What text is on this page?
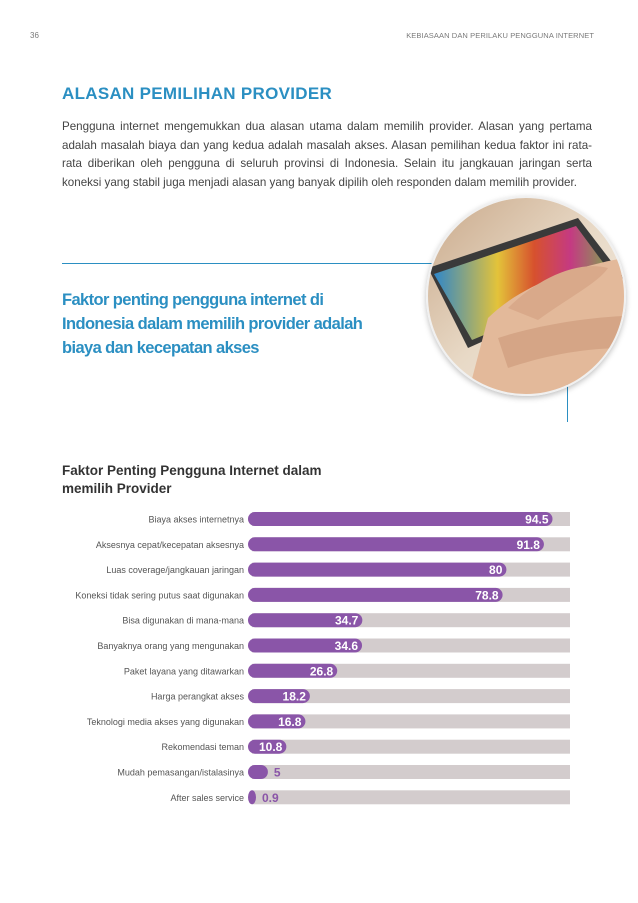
36	KEBIASAAN DAN PERILAKU PENGGUNA INTERNET
ALASAN PEMILIHAN PROVIDER
Pengguna internet mengemukkan dua alasan utama dalam memilih provider. Alasan yang pertama adalah masalah biaya dan yang kedua adalah masalah akses. Alasan pemilihan kedua faktor ini rata-rata diberikan oleh pengguna di seluruh provinsi di Indonesia. Selain itu jangkauan jaringan serta koneksi yang stabil juga menjadi alasan yang banyak dipilih oleh responden dalam memilih provider.
Faktor penting pengguna internet di
Indonesia dalam memilih provider adalah
biaya dan kecepatan akses
Faktor Penting Pengguna Internet dalam
memilih Provider
Biaya akses internetnya	94.5
Aksesnya cepat/kecepatan aksesnya	91.8
Luas coverage/jangkauan jaringan	80
Koneksi tidak sering putus saat digunakan	78.8
Bisa digunakan di mana-mana	34.7
Banyaknya orang yang mengunakan	34.6
Paket layana yang ditawarkan	26.8
Harga perangkat akses	18.2
Teknologi media akses yang digunakan	16.8
Rekomendasi teman 10.8
Mudah pemasangan/istalasinya 5
After sales service 0.9
